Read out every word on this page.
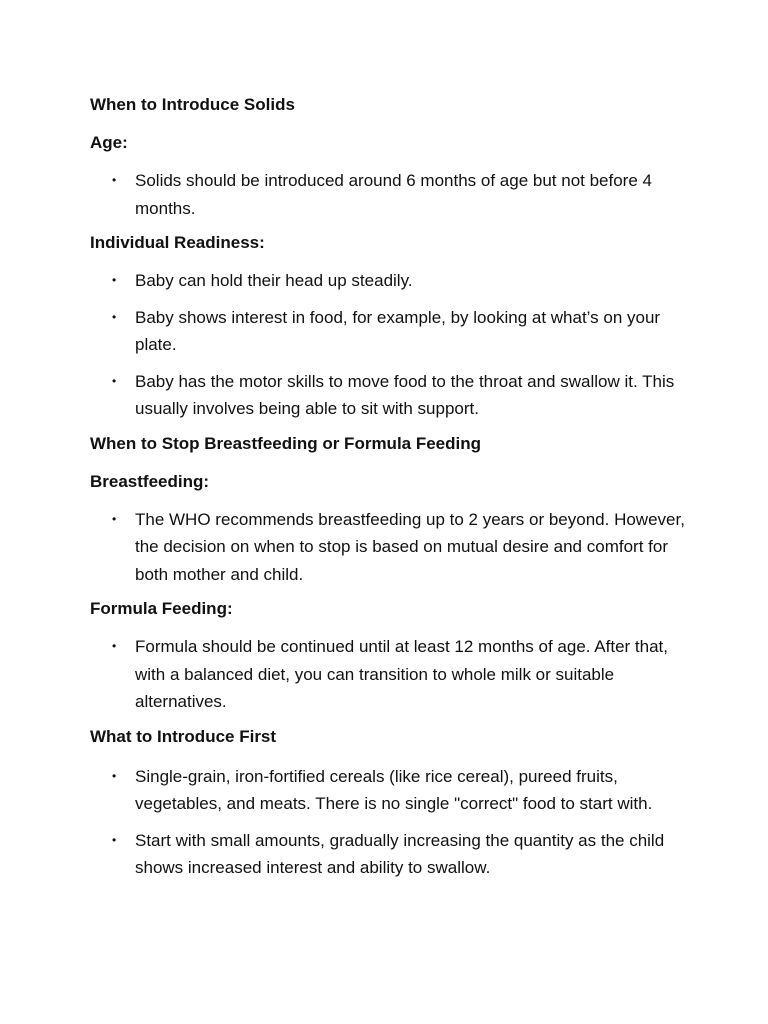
When to Introduce Solids
Age:
• Solids should be introduced around 6 months of age but not before 4 months.
Individual Readiness:
• Baby can hold their head up steadily.
• Baby shows interest in food, for example, by looking at what’s on your plate.
• Baby has the motor skills to move food to the throat and swallow it. This usually involves being able to sit with support.
When to Stop Breastfeeding or Formula Feeding
Breastfeeding:
• The WHO recommends breastfeeding up to 2 years or beyond. However, the decision on when to stop is based on mutual desire and comfort for both mother and child.
Formula Feeding:
• Formula should be continued until at least 12 months of age. After that, with a balanced diet, you can transition to whole milk or suitable alternatives.
What to Introduce First
• Single-grain, iron-fortified cereals (like rice cereal), pureed fruits, vegetables, and meats. There is no single "correct" food to start with.
• Start with small amounts, gradually increasing the quantity as the child shows increased interest and ability to swallow.
